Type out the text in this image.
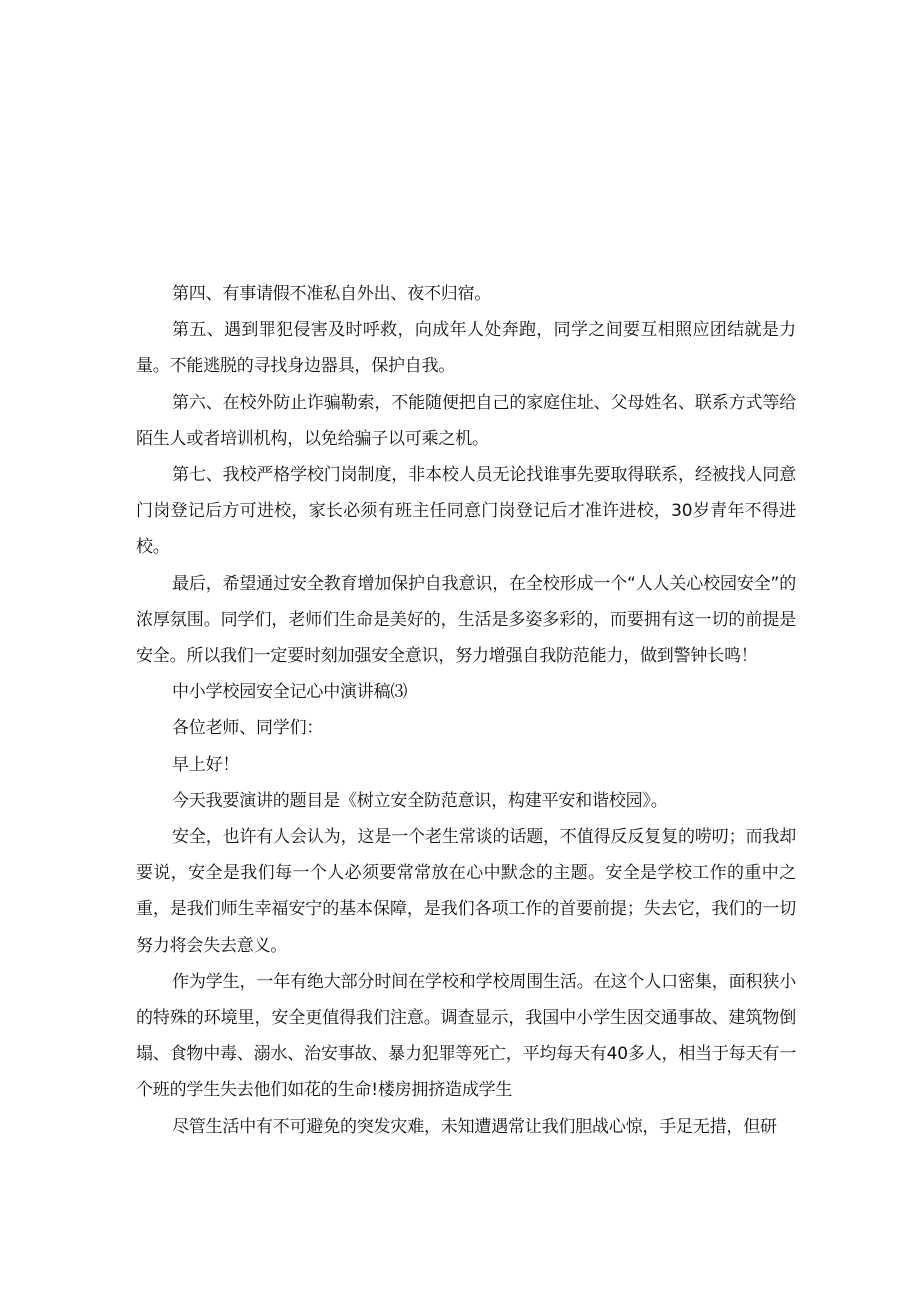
第四、有事请假不准私自外出、夜不归宿。

第五、遇到罪犯侵害及时呼救，向成年人处奔跑，同学之间要互相照应团结就是力量。不能逃脱的寻找身边器具，保护自我。

第六、在校外防止诈骗勒索，不能随便把自己的家庭住址、父母姓名、联系方式等给陌生人或者培训机构，以免给骗子以可乘之机。

第七、我校严格学校门岗制度，非本校人员无论找谁事先要取得联系，经被找人同意门岗登记后方可进校，家长必须有班主任同意门岗登记后才准许进校，30岁青年不得进校。

最后，希望通过安全教育增加保护自我意识，在全校形成一个“人人关心校园安全”的浓厚氛围。同学们，老师们生命是美好的，生活是多姿多彩的，而要拥有这一切的前提是安全。所以我们一定要时刻加强安全意识，努力增强自我防范能力，做到警钟长鸣！

中小学校园安全记心中演讲稿⑶

各位老师、同学们：

早上好！

今天我要演讲的题目是《树立安全防范意识，构建平安和谐校园》。

安全，也许有人会认为，这是一个老生常谈的话题，不值得反反复复的唠叨；而我却要说，安全是我们每一个人必须要常常放在心中默念的主题。安全是学校工作的重中之重，是我们师生幸福安宁的基本保障，是我们各项工作的首要前提；失去它，我们的一切努力将会失去意义。

作为学生，一年有绝大部分时间在学校和学校周围生活。在这个人口密集，面积狭小的特殊的环境里，安全更值得我们注意。调查显示，我国中小学生因交通事故、建筑物倒塌、食物中毒、溺水、治安事故、暴力犯罪等死亡，平均每天有40多人，相当于每天有一个班的学生失去他们如花的生命!楼房拥挤造成学生

尽管生活中有不可避免的突发灾难，未知遭遇常让我们胆战心惊，手足无措，但研
